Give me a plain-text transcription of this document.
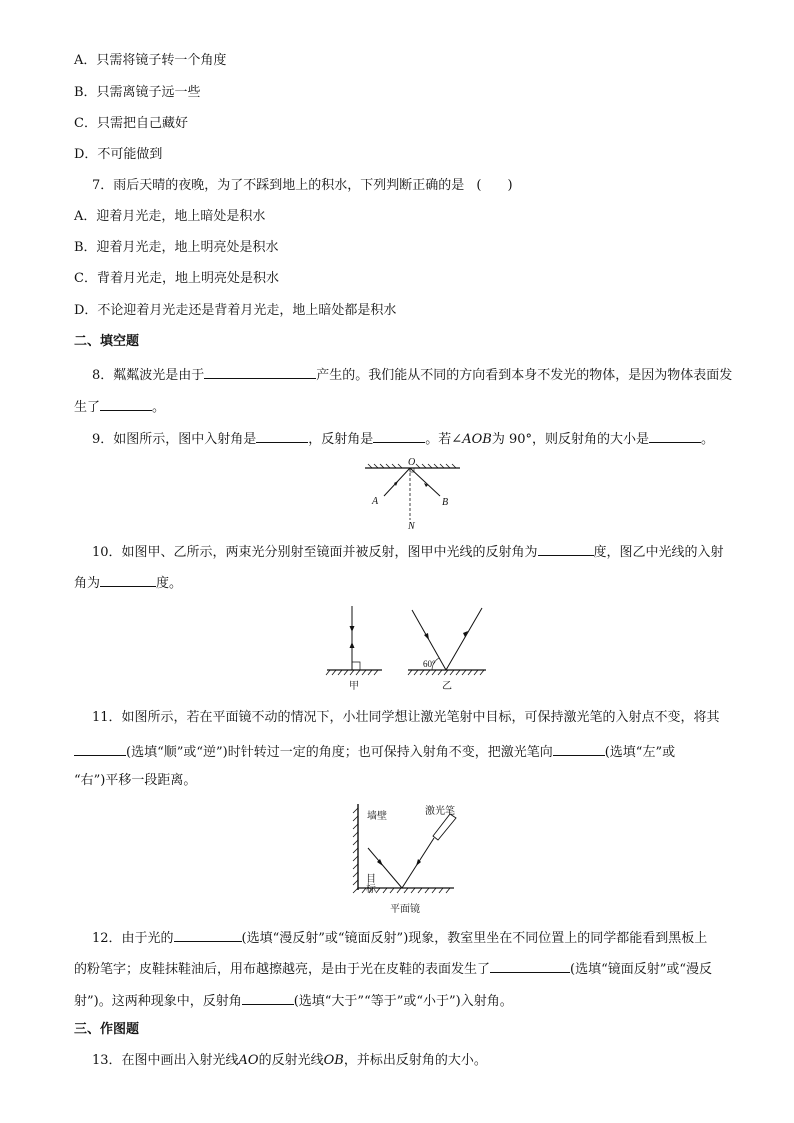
A．只需将镜子转一个角度
B．只需离镜子远一些
C．只需把自己藏好
D．不可能做到
7．雨后天晴的夜晚，为了不踩到地上的积水，下列判断正确的是 (　　)
A．迎着月光走，地上暗处是积水
B．迎着月光走，地上明亮处是积水
C．背着月光走，地上明亮处是积水
D．不论迎着月光走还是背着月光走，地上暗处都是积水
二、填空题
8．粼粼波光是由于	产生的。我们能从不同的方向看到本身不发光的物体，是因为物体表面发
生了	。
9．如图所示，图中入射角是	，反射角是	。若∠AOB为 90°，则反射角的大小是	。
O
A	B
N
10．如图甲、乙所示，两束光分别射至镜面并被反射，图甲中光线的反射角为	度，图乙中光线的入射
角为	度。
甲
60°
乙
11．如图所示，若在平面镜不动的情况下，小壮同学想让激光笔射中目标，可保持激光笔的入射点不变，将其
(选填“顺”或“逆”)时针转过一定的角度；也可保持入射角不变，把激光笔向	(选填“左”或
“右”)平移一段距离。
墙壁	激光笔
目标
平面镜
12．由于光的	(选填“漫反射”或“镜面反射”)现象，教室里坐在不同位置上的同学都能看到黑板上
的粉笔字；皮鞋抹鞋油后，用布越擦越亮，是由于光在皮鞋的表面发生了	(选填“镜面反射”或“漫反
射”)。这两种现象中，反射角	(选填“大于”“等于”或“小于”)入射角。
三、作图题
13．在图中画出入射光线AO的反射光线OB，并标出反射角的大小。
